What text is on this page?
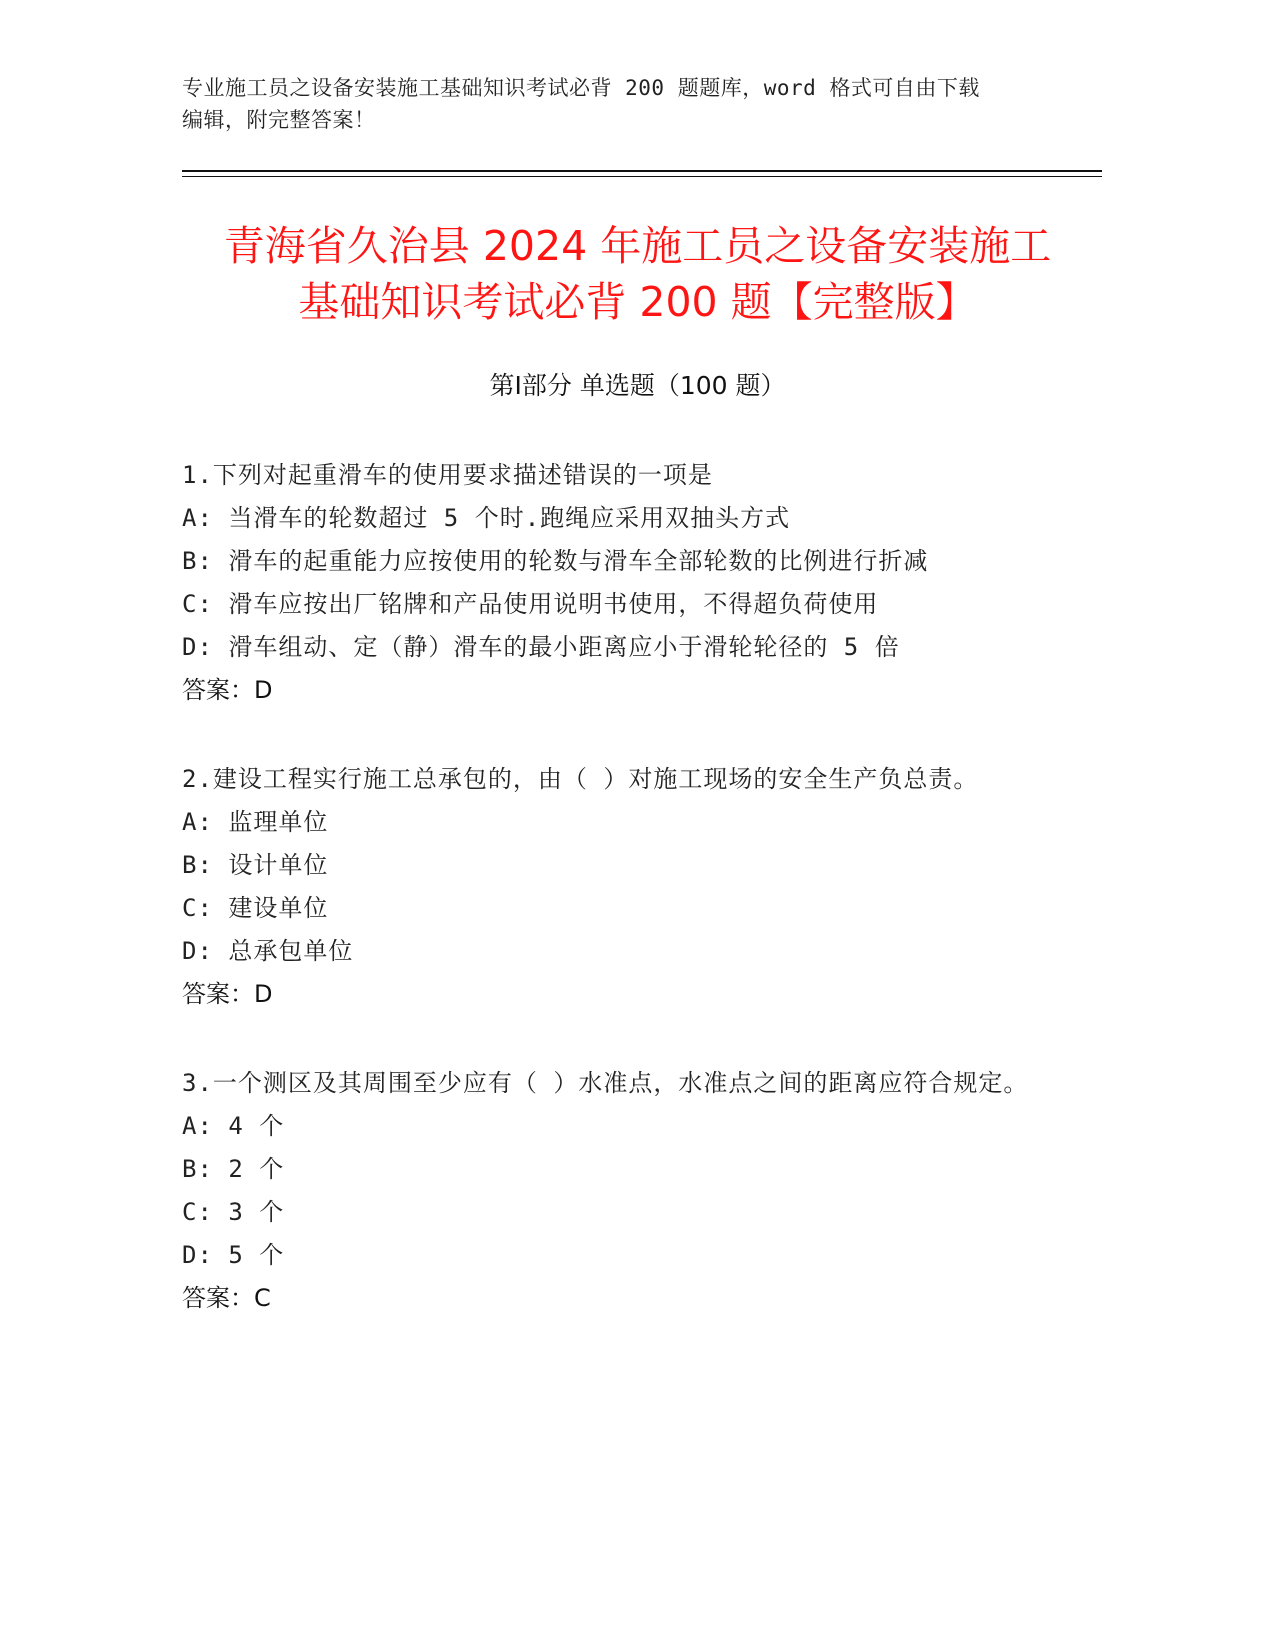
专业施工员之设备安装施工基础知识考试必背 200 题题库，word 格式可自由下载
编辑，附完整答案！
青海省久治县 2024 年施工员之设备安装施工
基础知识考试必背 200 题【完整版】
第Ⅰ部分 单选题（100 题）

1.下列对起重滑车的使用要求描述错误的一项是

A: 当滑车的轮数超过 5 个时.跑绳应采用双抽头方式

B: 滑车的起重能力应按使用的轮数与滑车全部轮数的比例进行折减

C: 滑车应按出厂铭牌和产品使用说明书使用，不得超负荷使用

D: 滑车组动、定（静）滑车的最小距离应小于滑轮轮径的 5 倍

答案：D

2.建设工程实行施工总承包的，由（ ）对施工现场的安全生产负总责。

A: 监理单位

B: 设计单位

C: 建设单位

D: 总承包单位

答案：D

3.一个测区及其周围至少应有（ ）水准点，水准点之间的距离应符合规定。

A: 4 个

B: 2 个

C: 3 个

D: 5 个

答案：C
